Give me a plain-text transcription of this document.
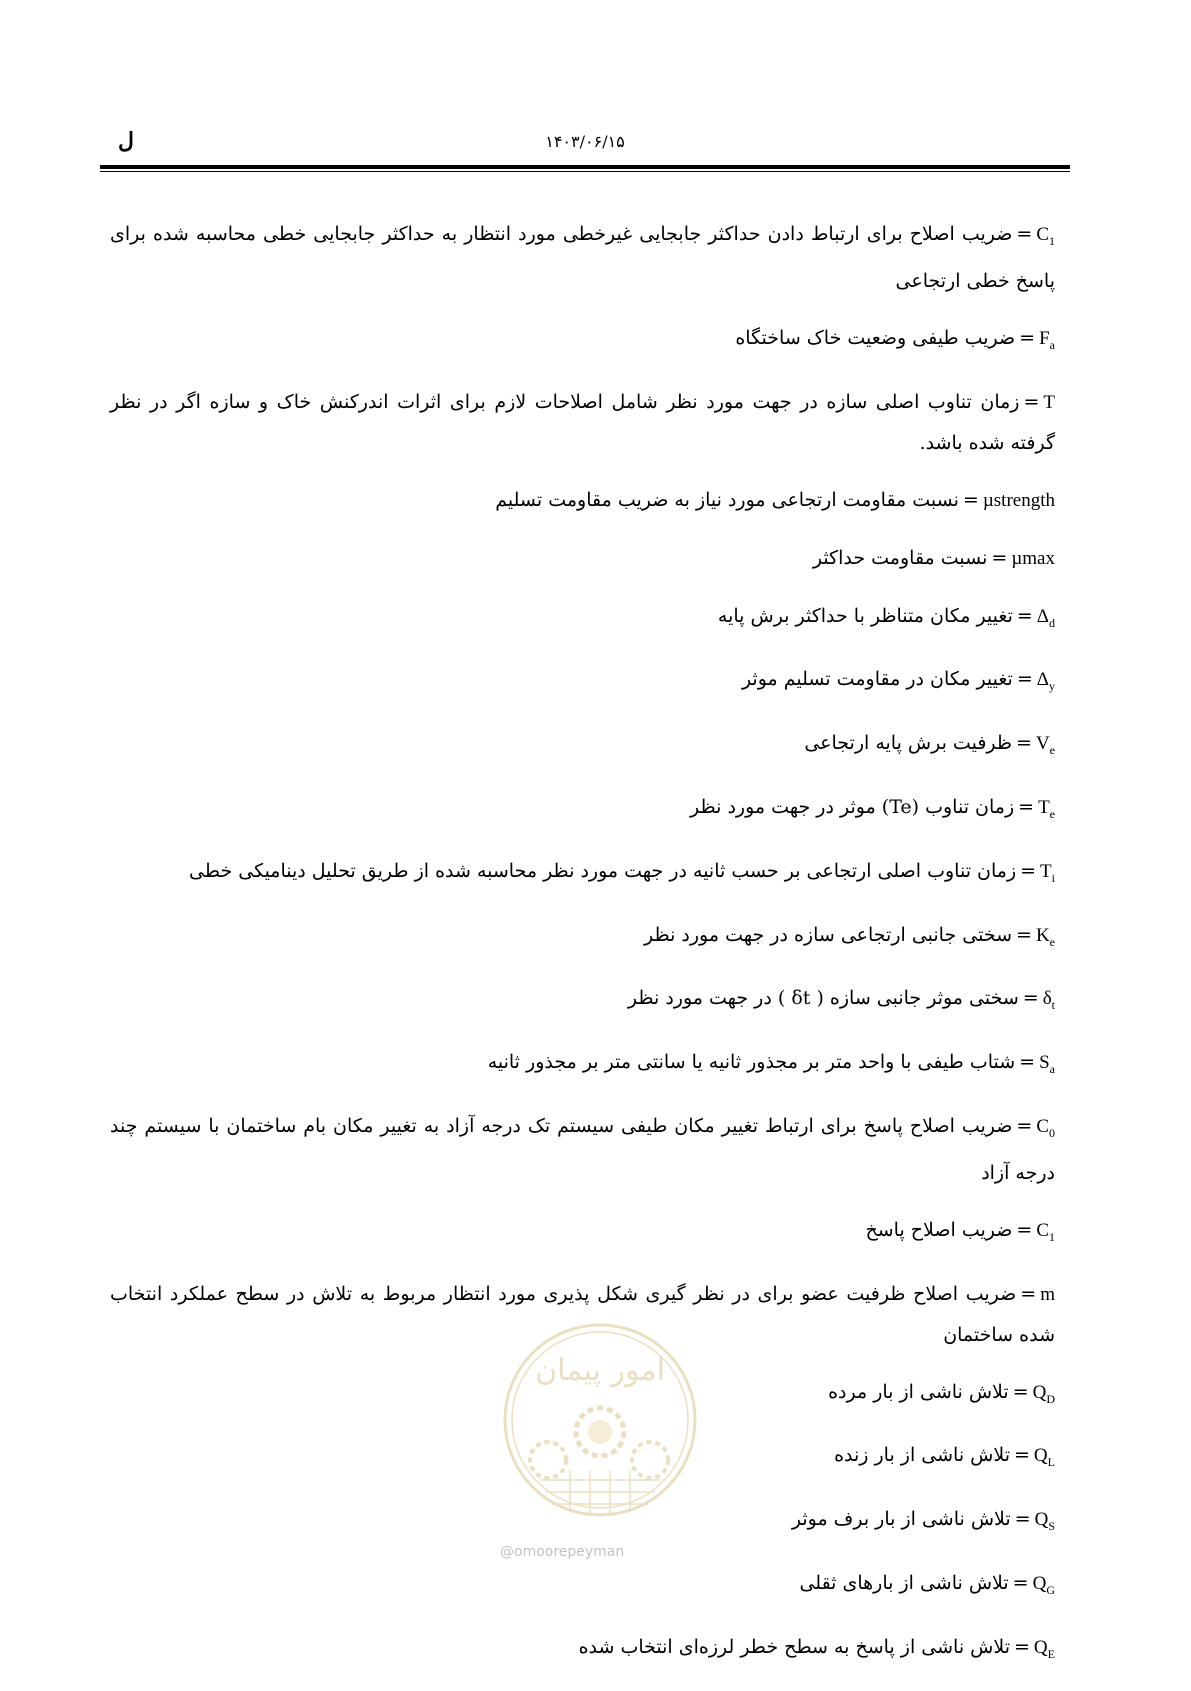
ل	۱۴۰۳/۰۶/۱۵

$C_1=ضریب$ اصلاح برای ارتباط دادن حداکثر جابجایی غیرخطی مورد انتظار به حداکثر جابجایی خطی محاسبه شده برای پاسخ خطی ارتجاعی

$F_a=ضریب$ طیفی وضعیت خاک ساختگاه

T=زمان تناوب اصلی سازه در جهت مورد نظر شامل اصلاحات لازم برای اثرات اندرکنش خاک و سازه اگر در نظر گرفته شده باشد.

µstrength=نسبت مقاومت ارتجاعی مورد نیاز به ضریب مقاومت تسلیم

µmax=نسبت مقاومت حداکثر

$\Delta_d=تغییر$ مکان متناظر با حداکثر برش پایه

$\Delta_y=تغییر$ مکان در مقاومت تسلیم موثر

$V_e=ظرفیت$ برش پایه ارتجاعی

$T_e=زمان$ تناوب (Te) موثر در جهت مورد نظر

$T_i=زمان$ تناوب اصلی ارتجاعی بر حسب ثانیه در جهت مورد نظر محاسبه شده از طریق تحلیل دینامیکی خطی

$K_e=سختی$ جانبی ارتجاعی سازه در جهت مورد نظر

$\delta_t=سختی$ موثر جانبی سازه ( δt ) در جهت مورد نظر

$S_a=شتاب$ طیفی با واحد متر بر مجذور ثانیه یا سانتی متر بر مجذور ثانیه

$C_0=ضریب$ اصلاح پاسخ برای ارتباط تغییر مکان طیفی سیستم تک درجه آزاد به تغییر مکان بام ساختمان با سیستم چند درجه آزاد

$C_1=ضریب$ اصلاح پاسخ

m=ضریب اصلاح ظرفیت عضو برای در نظر گیری شکل پذیری مورد انتظار مربوط به تلاش در سطح عملکرد انتخاب شده ساختمان

$Q_D=تلاش$ ناشی از بار مرده

$Q_L=تلاش$ ناشی از بار زنده

$Q_S=تلاش$ ناشی از بار برف موثر

$Q_G=تلاش$ ناشی از بارهای ثقلی

$Q_E=تلاش$ ناشی از پاسخ به سطح خطر لرزه‌ای انتخاب شده

امور پیمان
@omoorepeyman
